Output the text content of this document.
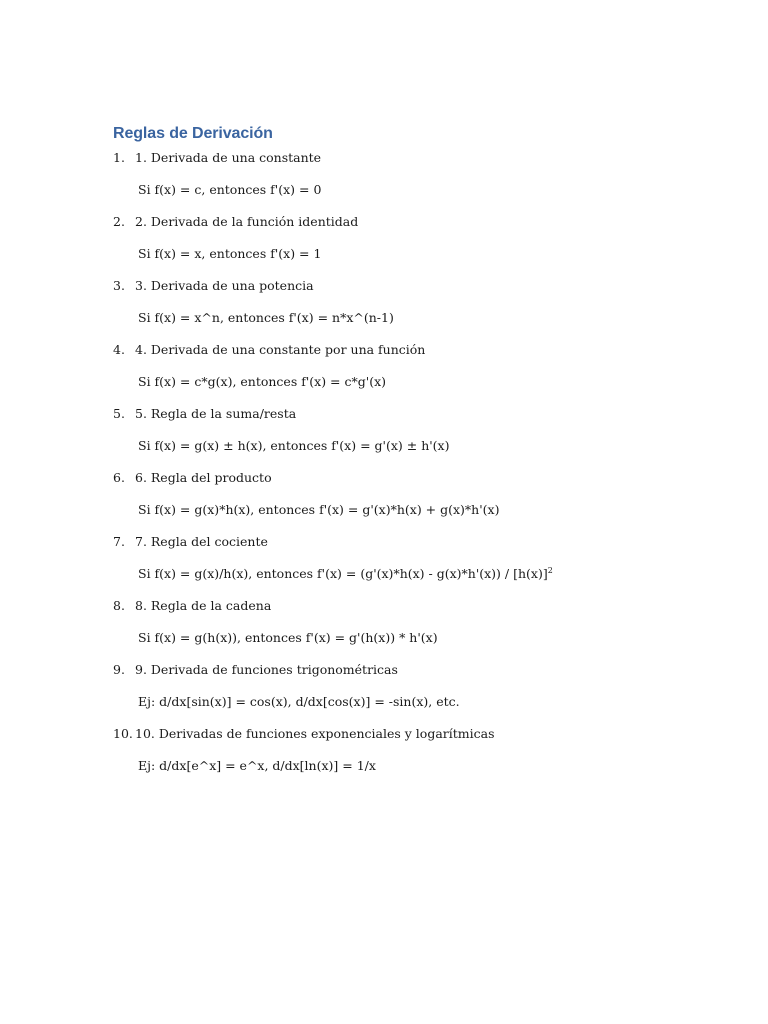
Reglas de Derivación
1. 1. Derivada de una constante
Si f(x) = c, entonces f'(x) = 0
2. 2. Derivada de la función identidad
Si f(x) = x, entonces f'(x) = 1
3. 3. Derivada de una potencia
Si f(x) = x^n, entonces f'(x) = n*x^(n-1)
4. 4. Derivada de una constante por una función
Si f(x) = c*g(x), entonces f'(x) = c*g'(x)
5. 5. Regla de la suma/resta
Si f(x) = g(x) ± h(x), entonces f'(x) = g'(x) ± h'(x)
6. 6. Regla del producto
Si f(x) = g(x)*h(x), entonces f'(x) = g'(x)*h(x) + g(x)*h'(x)
7. 7. Regla del cociente
Si f(x) = g(x)/h(x), entonces $f'(x) = (g'(x)*h(x) - g(x)*h'(x)) / [h(x)]^2$
8. 8. Regla de la cadena
Si f(x) = g(h(x)), entonces f'(x) = g'(h(x)) * h'(x)
9. 9. Derivada de funciones trigonométricas
Ej: d/dx[sin(x)] = cos(x), d/dx[cos(x)] = -sin(x), etc.
10. 10. Derivadas de funciones exponenciales y logarítmicas
Ej: d/dx[e^x] = e^x, d/dx[ln(x)] = 1/x
